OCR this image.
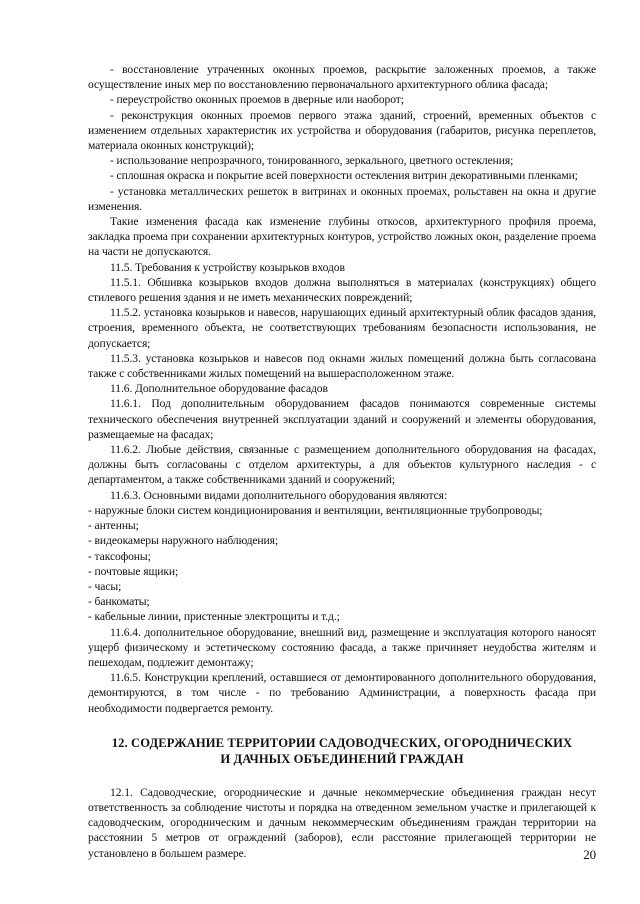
- восстановление утраченных оконных проемов, раскрытие заложенных проемов, а также осуществление иных мер по восстановлению первоначального архитектурного облика фасада;

- переустройство оконных проемов в дверные или наоборот;

- реконструкция оконных проемов первого этажа зданий, строений, временных объектов с изменением отдельных характеристик их устройства и оборудования (габаритов, рисунка переплетов, материала оконных конструкций);

- использование непрозрачного, тонированного, зеркального, цветного остекления;

- сплошная окраска и покрытие всей поверхности остекления витрин декоративными пленками;

- установка металлических решеток в витринах и оконных проемах, рольставен на окна и другие изменения.

Такие изменения фасада как изменение глубины откосов, архитектурного профиля проема, закладка проема при сохранении архитектурных контуров, устройство ложных окон, разделение проема на части не допускаются.

11.5. Требования к устройству козырьков входов

11.5.1. Обшивка козырьков входов должна выполняться в материалах (конструкциях) общего стилевого решения здания и не иметь механических повреждений;

11.5.2. установка козырьков и навесов, нарушающих единый архитектурный облик фасадов здания, строения, временного объекта, не соответствующих требованиям безопасности использования, не допускается;

11.5.3. установка козырьков и навесов под окнами жилых помещений должна быть согласована также с собственниками жилых помещений на вышерасположенном этаже.

11.6. Дополнительное оборудование фасадов

11.6.1. Под дополнительным оборудованием фасадов понимаются современные системы технического обеспечения внутренней эксплуатации зданий и сооружений и элементы оборудования, размещаемые на фасадах;

11.6.2. Любые действия, связанные с размещением дополнительного оборудования на фасадах, должны быть согласованы с отделом архитектуры, а для объектов культурного наследия - с департаментом, а также собственниками зданий и сооружений;

11.6.3. Основными видами дополнительного оборудования являются:

- наружные блоки систем кондиционирования и вентиляции, вентиляционные трубопроводы;

- антенны;

- видеокамеры наружного наблюдения;

- таксофоны;

- почтовые ящики;

- часы;

- банкоматы;

- кабельные линии, пристенные электрощиты и т.д.;

11.6.4. дополнительное оборудование, внешний вид, размещение и эксплуатация которого наносят ущерб физическому и эстетическому состоянию фасада, а также причиняет неудобства жителям и пешеходам, подлежит демонтажу;

11.6.5. Конструкции креплений, оставшиеся от демонтированного дополнительного оборудования, демонтируются, в том числе - по требованию Администрации, а поверхность фасада при необходимости подвергается ремонту.

12. СОДЕРЖАНИЕ ТЕРРИТОРИИ САДОВОДЧЕСКИХ, ОГОРОДНИЧЕСКИХ
И ДАЧНЫХ ОБЪЕДИНЕНИЙ ГРАЖДАН

12.1. Садоводческие, огороднические и дачные некоммерческие объединения граждан несут ответственность за соблюдение чистоты и порядка на отведенном земельном участке и прилегающей к садоводческим, огородническим и дачным некоммерческим объединениям граждан территории на расстоянии 5 метров от ограждений (заборов), если расстояние прилегающей территории не установлено в большем размере.	20
